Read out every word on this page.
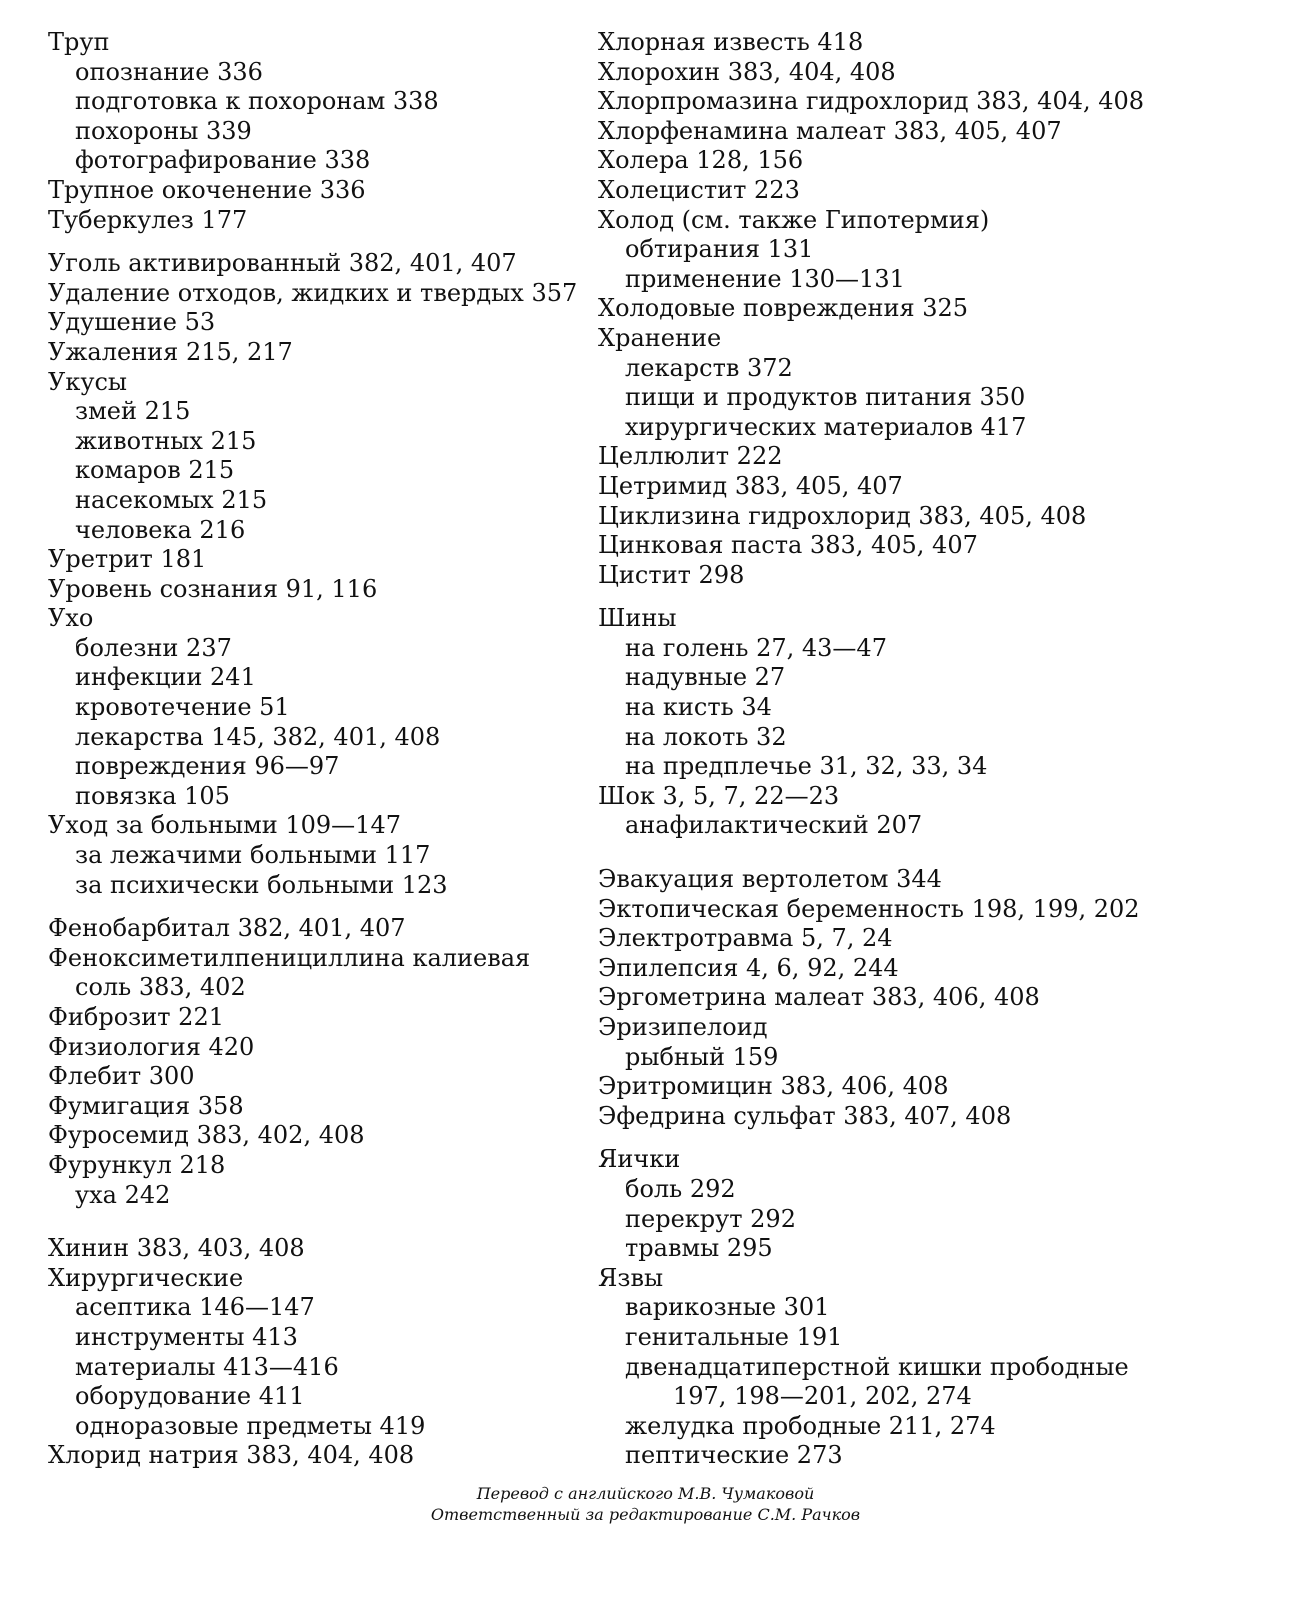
Труп
опознание 336
подготовка к похоронам 338
похороны 339
фотографирование 338
Трупное окоченение 336
Туберкулез 177
Уголь активированный 382, 401, 407
Удаление отходов, жидких и твердых 357
Удушение 53
Ужаления 215, 217
Укусы
змей 215
животных 215
комаров 215
насекомых 215
человека 216
Уретрит 181
Уровень сознания 91, 116
Ухо
болезни 237
инфекции 241
кровотечение 51
лекарства 145, 382, 401, 408
повреждения 96—97
повязка 105
Уход за больными 109—147
за лежачими больными 117
за психически больными 123
Фенобарбитал 382, 401, 407
Феноксиметилпенициллина калиевая
соль 383, 402
Фиброзит 221
Физиология 420
Флебит 300
Фумигация 358
Фуросемид 383, 402, 408
Фурункул 218
уха 242
Хинин 383, 403, 408
Хирургические
асептика 146—147
инструменты 413
материалы 413—416
оборудование 411
одноразовые предметы 419
Хлорид натрия 383, 404, 408
Хлорная известь 418
Хлорохин 383, 404, 408
Хлорпромазина гидрохлорид 383, 404, 408
Хлорфенамина малеат 383, 405, 407
Холера 128, 156
Холецистит 223
Холод (см. также Гипотермия)
обтирания 131
применение 130—131
Холодовые повреждения 325
Хранение
лекарств 372
пищи и продуктов питания 350
хирургических материалов 417
Целлюлит 222
Цетримид 383, 405, 407
Циклизина гидрохлорид 383, 405, 408
Цинковая паста 383, 405, 407
Цистит 298
Шины
на голень 27, 43—47
надувные 27
на кисть 34
на локоть 32
на предплечье 31, 32, 33, 34
Шок 3, 5, 7, 22—23
анафилактический 207
Эвакуация вертолетом 344
Эктопическая беременность 198, 199, 202
Электротравма 5, 7, 24
Эпилепсия 4, 6, 92, 244
Эргометрина малеат 383, 406, 408
Эризипелоид
рыбный 159
Эритромицин 383, 406, 408
Эфедрина сульфат 383, 407, 408
Яички
боль 292
перекрут 292
травмы 295
Язвы
варикозные 301
генитальные 191
двенадцатиперстной кишки прободные
197, 198—201, 202, 274
желудка прободные 211, 274
пептические 273
Перевод с английского М.В. Чумаковой
Ответственный за редактирование С.М. Рачков
